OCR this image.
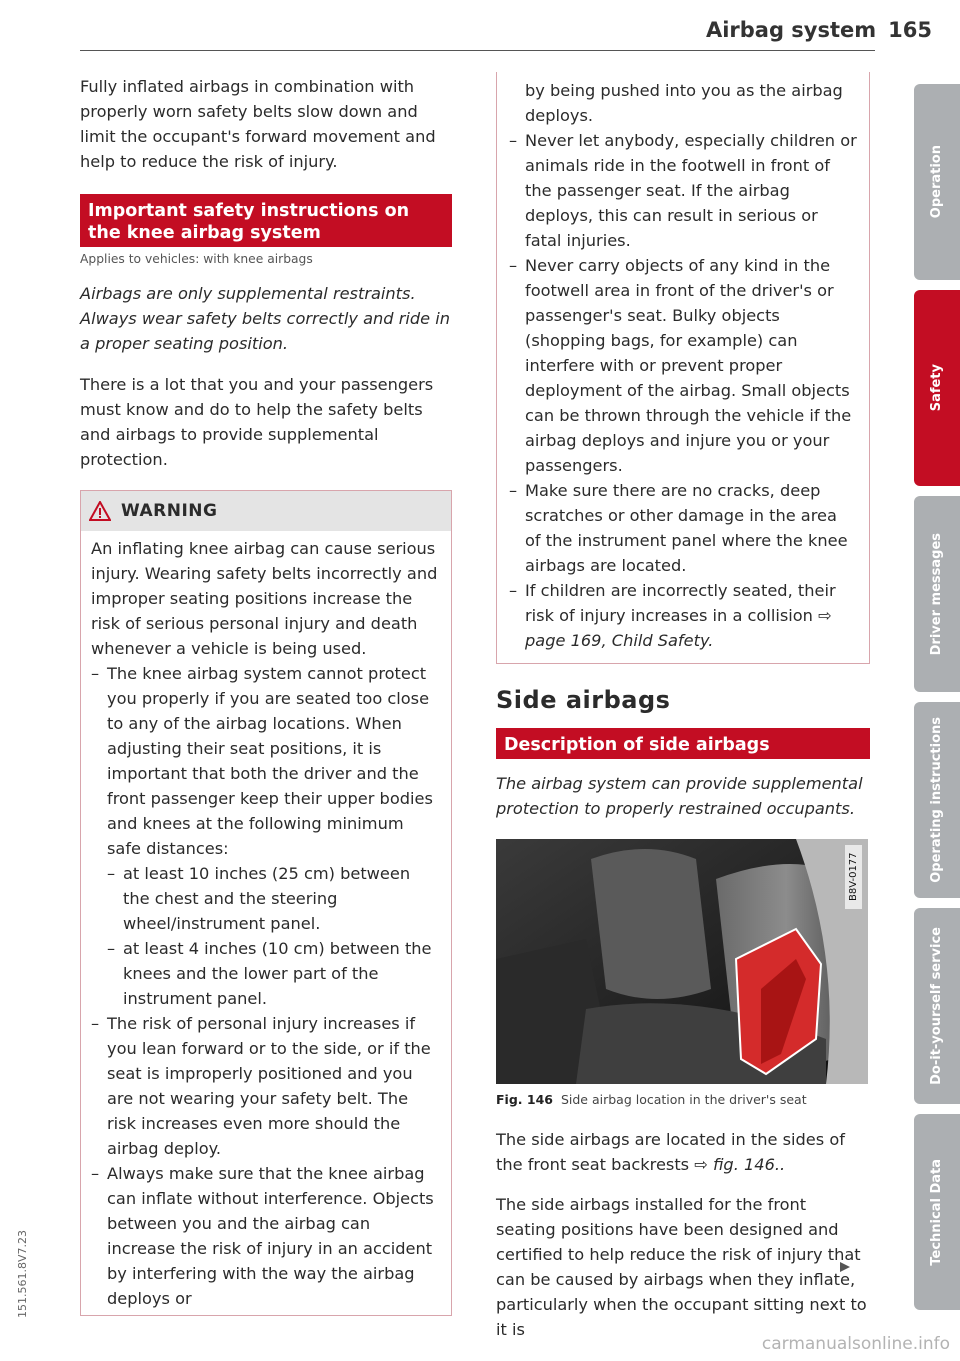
Airbag system 165

Fully inflated airbags in combination with properly worn safety belts slow down and limit the occupant's forward movement and help to reduce the risk of injury.

Important safety instructions on the knee airbag system
Applies to vehicles: with knee airbags

Airbags are only supplemental restraints. Always wear safety belts correctly and ride in a proper seating position.

There is a lot that you and your passengers must know and do to help the safety belts and airbags to provide supplemental protection.

WARNING

An inflating knee airbag can cause serious injury. Wearing safety belts incorrectly and improper seating positions increase the risk of serious personal injury and death whenever a vehicle is being used.

– The knee airbag system cannot protect you properly if you are seated too close to any of the airbag locations. When adjusting their seat positions, it is important that both the driver and the front passenger keep their upper bodies and knees at the following minimum safe distances:
– at least 10 inches (25 cm) between the chest and the steering wheel/instrument panel.
– at least 4 inches (10 cm) between the knees and the lower part of the instrument panel.
– The risk of personal injury increases if you lean forward or to the side, or if the seat is improperly positioned and you are not wearing your safety belt. The risk increases even more should the airbag deploy.
– Always make sure that the knee airbag can inflate without interference. Objects between you and the airbag can increase the risk of injury in an accident by interfering with the way the airbag deploys or

by being pushed into you as the airbag deploys.

– Never let anybody, especially children or animals ride in the footwell in front of the passenger seat. If the airbag deploys, this can result in serious or fatal injuries.
– Never carry objects of any kind in the footwell area in front of the driver's or passenger's seat. Bulky objects (shopping bags, for example) can interfere with or prevent proper deployment of the airbag. Small objects can be thrown through the vehicle if the airbag deploys and injure you or your passengers.
– Make sure there are no cracks, deep scratches or other damage in the area of the instrument panel where the knee airbags are located.
– If children are incorrectly seated, their risk of injury increases in a collision ⇨ page 169, Child Safety.
Side airbags
Description of side airbags

The airbag system can provide supplemental protection to properly restrained occupants.

B8V-0177
Fig. 146 Side airbag location in the driver's seat

The side airbags are located in the sides of the front seat backrests ⇨ fig. 146..

The side airbags installed for the front seating positions have been designed and certified to help reduce the risk of injury that can be caused by airbags when they inflate, particularly when the occupant sitting next to it is

Operation
Safety
Driver messages
Operating instructions
Do-it-yourself service
Technical Data
151.561.8V7.23
carmanualsonline.info
